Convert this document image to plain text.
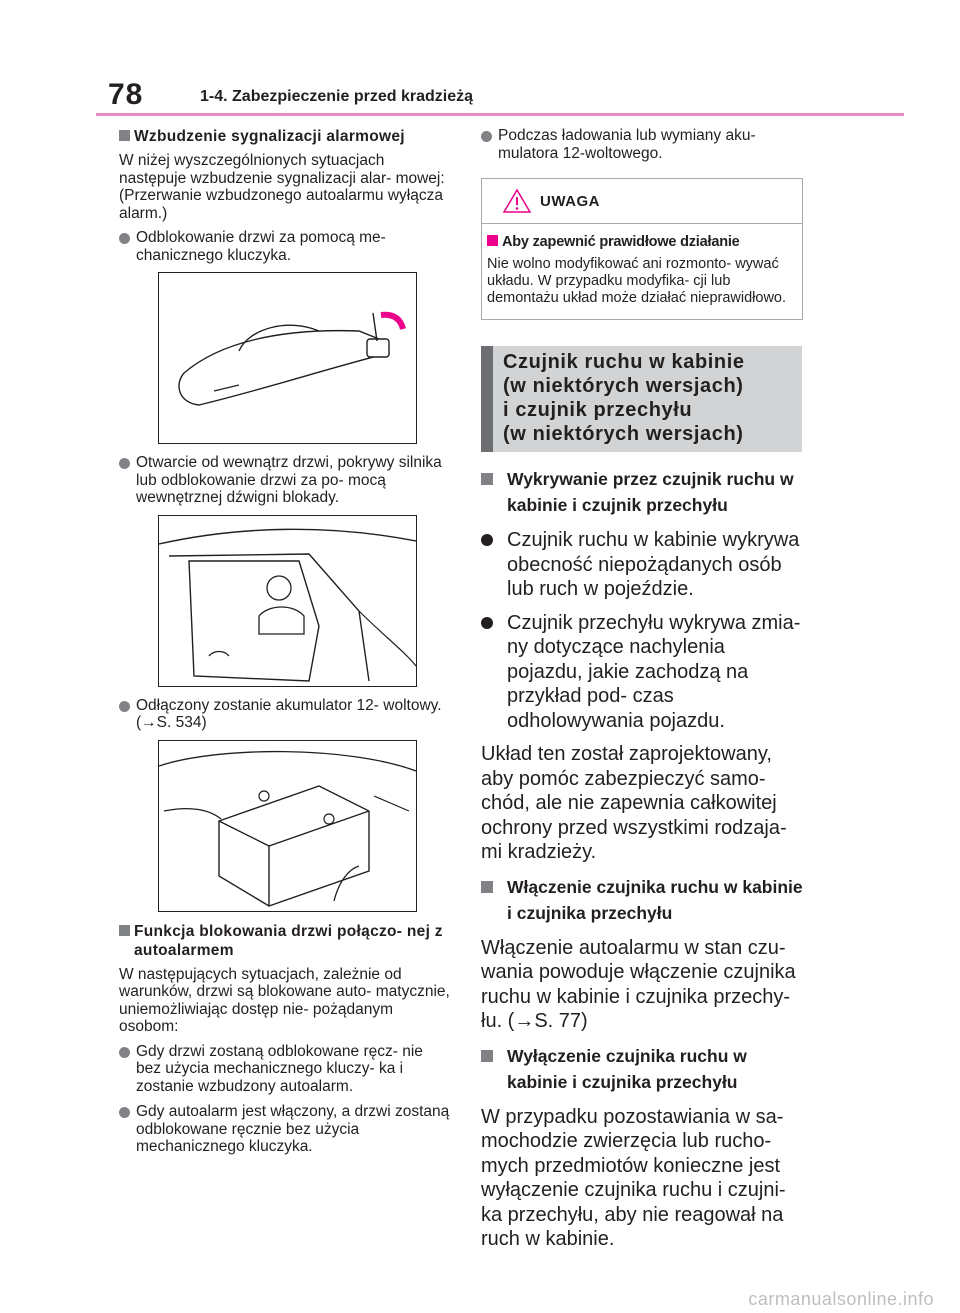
78	1-4. Zabezpieczenie przed kradzieżą
Wzbudzenie sygnalizacji alarmowej
W niżej wyszczególnionych sytuacjach następuje wzbudzenie sygnalizacji alar- mowej:
(Przerwanie wzbudzonego autoalarmu wyłącza alarm.)
Odblokowanie drzwi za pomocą me- chanicznego kluczyka.
Otwarcie od wewnątrz drzwi, pokrywy silnika lub odblokowanie drzwi za po- mocą wewnętrznej dźwigni blokady.
Odłączony zostanie akumulator 12- woltowy. (→S. 534)
Funkcja blokowania drzwi połączo- nej z autoalarmem
W następujących sytuacjach, zależnie od warunków, drzwi są blokowane auto- matycznie, uniemożliwiając dostęp nie- pożądanym osobom:
Gdy drzwi zostaną odblokowane ręcz- nie bez użycia mechanicznego kluczy- ka i zostanie wzbudzony autoalarm.
Gdy autoalarm jest włączony, a drzwi zostaną odblokowane ręcznie bez użycia mechanicznego kluczyka.
Podczas ładowania lub wymiany aku- mulatora 12-woltowego.
UWAGA
Aby zapewnić prawidłowe działanie
Nie wolno modyfikować ani rozmonto- wywać układu. W przypadku modyfika- cji lub demontażu układ może działać nieprawidłowo.
Czujnik ruchu w kabinie
(w niektórych wersjach)
i czujnik przechyłu
(w niektórych wersjach)
Wykrywanie przez czujnik ruchu w kabinie i czujnik przechyłu
Czujnik ruchu w kabinie wykrywa obecność niepożądanych osób lub ruch w pojeździe.
Czujnik przechyłu wykrywa zmia- ny dotyczące nachylenia pojazdu, jakie zachodzą na przykład pod- czas odholowywania pojazdu.
Układ ten został zaprojektowany, aby pomóc zabezpieczyć samo- chód, ale nie zapewnia całkowitej ochrony przed wszystkimi rodzaja- mi kradzieży.
Włączenie czujnika ruchu w kabinie i czujnika przechyłu
Włączenie autoalarmu w stan czu- wania powoduje włączenie czujnika ruchu w kabinie i czujnika przechy- łu. (→S. 77)
Wyłączenie czujnika ruchu w kabinie i czujnika przechyłu
W przypadku pozostawiania w sa- mochodzie zwierzęcia lub rucho- mych przedmiotów konieczne jest wyłączenie czujnika ruchu i czujni- ka przechyłu, aby nie reagował na ruch w kabinie.
carmanualsonline.info
